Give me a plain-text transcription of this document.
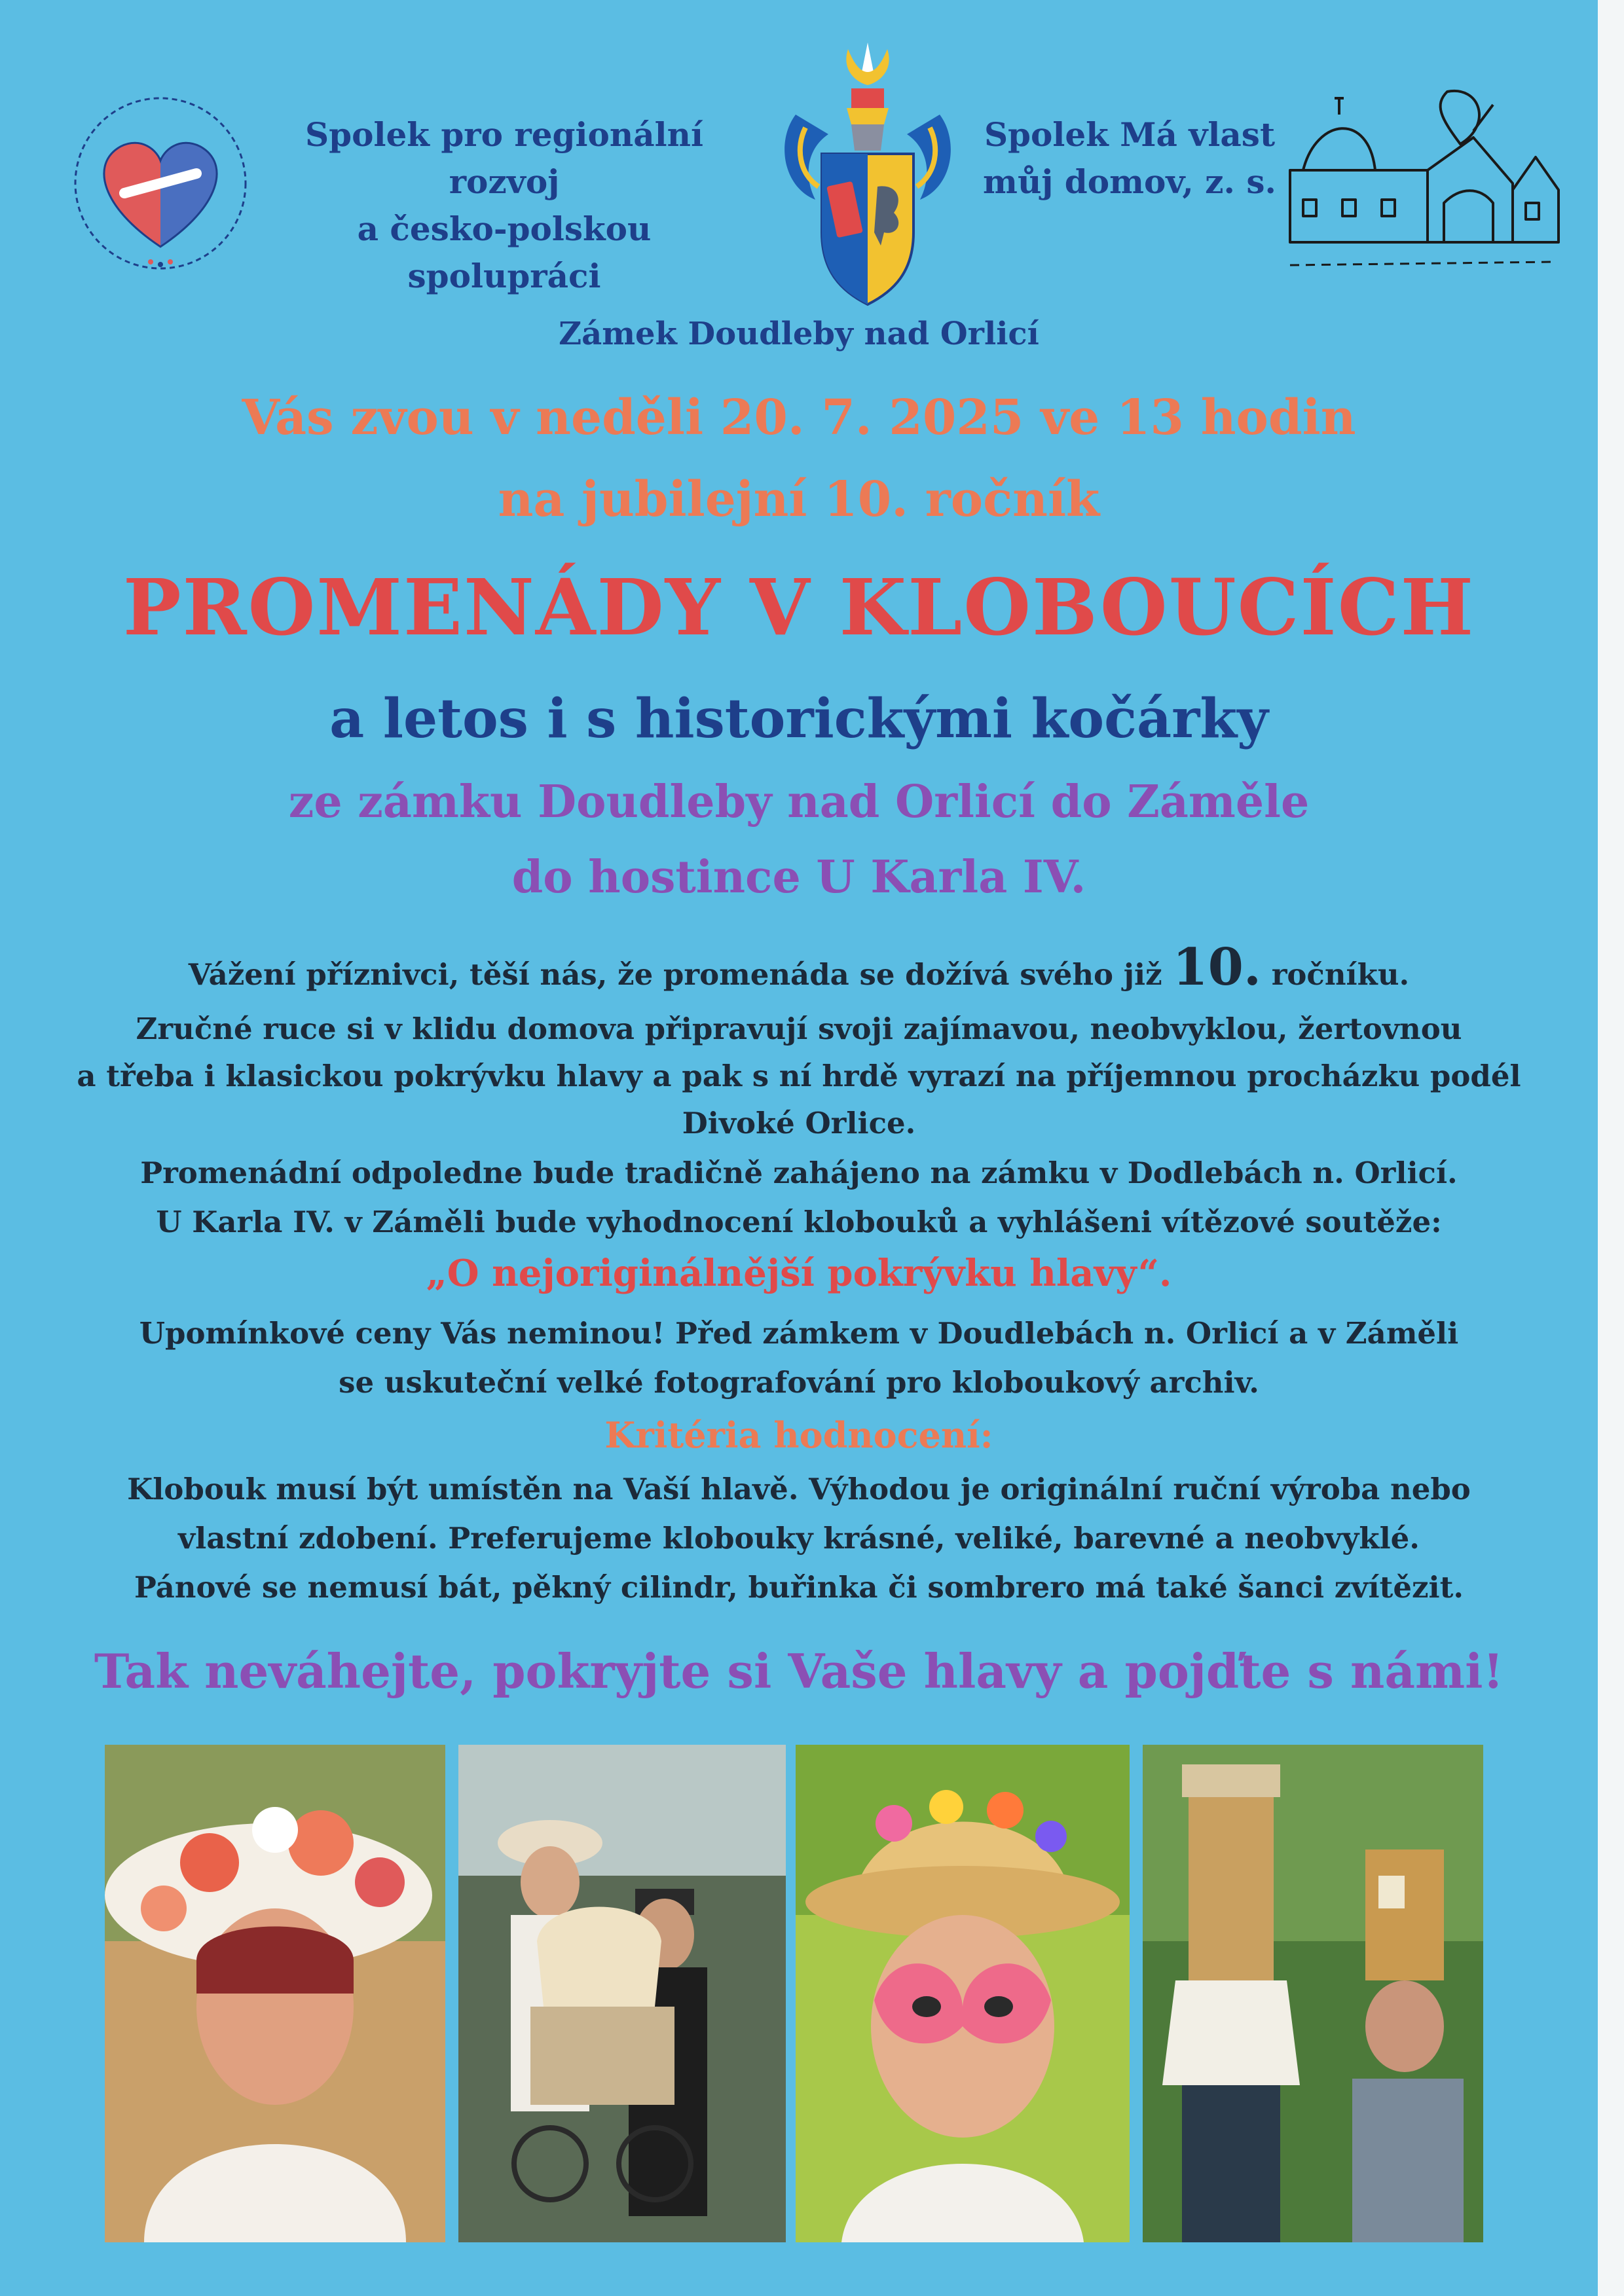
Spolek pro regionální rozvoj
a česko-polskou spolupráci
Spolek Má vlast
můj domov, z. s.
Zámek Doudleby nad Orlicí
Vás zvou v neděli 20. 7. 2025 ve 13 hodin
na jubilejní 10. ročník
PROMENÁDY V KLOBOUCÍCH
a letos i s historickými kočárky
ze zámku Doudleby nad Orlicí do Záměle
do hostince U Karla IV.
Vážení příznivci, těší nás, že promenáda se dožívá svého již 10. ročníku.
Zručné ruce si v klidu domova připravují svoji zajímavou, neobvyklou, žertovnou
a třeba i klasickou pokrývku hlavy a pak s ní hrdě vyrazí na příjemnou procházku podél
Divoké Orlice.
Promenádní odpoledne bude tradičně zahájeno na zámku v Dodlebách n. Orlicí.
U Karla IV. v Záměli bude vyhodnocení klobouků a vyhlášeni vítězové soutěže:
„O nejoriginálnější pokrývku hlavy“.
Upomínkové ceny Vás neminou! Před zámkem v Doudlebách n. Orlicí a v Záměli
se uskuteční velké fotografování pro kloboukový archiv.
Kritéria hodnocení:
Klobouk musí být umístěn na Vaší hlavě. Výhodou je originální ruční výroba nebo
vlastní zdobení. Preferujeme klobouky krásné, veliké, barevné a neobvyklé.
Pánové se nemusí bát, pěkný cilindr, buřinka či sombrero má také šanci zvítězit.
Tak neváhejte, pokryjte si Vaše hlavy a pojďte s námi!
